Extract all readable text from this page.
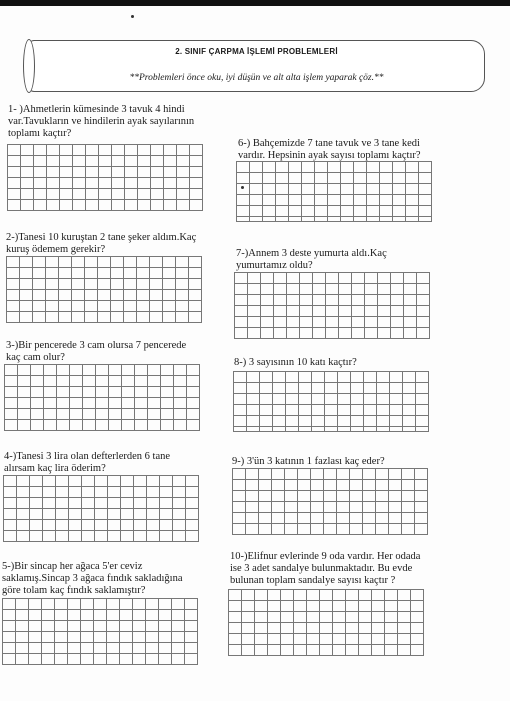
2. SINIF ÇARPMA İŞLEMİ PROBLEMLERİ
**Problemleri önce oku, iyi düşün ve alt alta işlem yaparak çöz.**
1- )Ahmetlerin kümesinde 3 tavuk 4 hindi
var.Tavukların ve hindilerin ayak sayılarının
toplamı kaçtır?
2-)Tanesi 10 kuruştan 2 tane şeker aldım.Kaç
kuruş ödemem gerekir?
3-)Bir pencerede 3 cam olursa 7 pencerede
kaç cam olur?
4-)Tanesi 3 lira olan defterlerden 6 tane
alırsam kaç lira öderim?
5-)Bir sincap her ağaca 5'er ceviz
saklamış.Sincap 3 ağaca fındık sakladığına
göre tolam kaç fındık saklamıştır?
6-) Bahçemizde 7 tane tavuk ve 3 tane kedi
vardır. Hepsinin ayak sayısı toplamı kaçtır?
7-)Annem 3 deste yumurta aldı.Kaç
yumurtamız oldu?
8-) 3 sayısının 10 katı kaçtır?
9-) 3'ün 3 katının 1 fazlası kaç eder?
10-)Elifnur evlerinde 9 oda vardır. Her odada
ise 3 adet sandalye bulunmaktadır. Bu evde
bulunan toplam sandalye sayısı kaçtır ?
